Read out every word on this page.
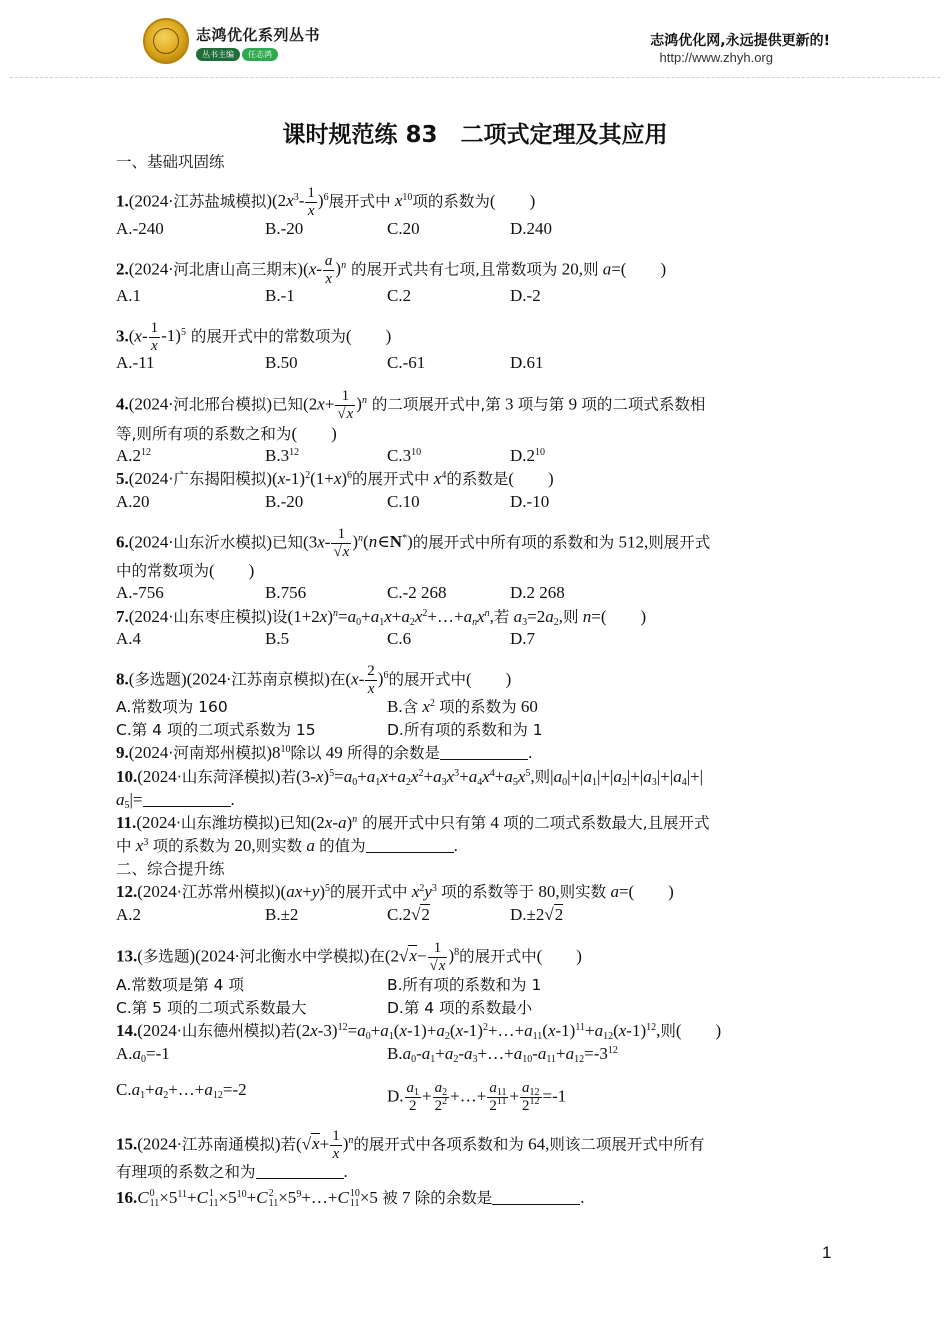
志鸿优化系列丛书
丛书主编 任志鸿
志鸿优化网,永远提供更新的!
http://www.zhyh.org
课时规范练 83　二项式定理及其应用
一、基础巩固练
1.(2024·江苏盐城模拟)$(2x^3- \frac{1}{x} )^6$展开式中 $x^{10}$项的系数为(　　)
A.-240	B.-20	C.20	D.240
2.(2024·河北唐山高三期末)$(x- \frac{a}{x} )^n$ 的展开式共有七项,且常数项为 20,则 a=(　　)
A.1	B.-1	C.2	D.-2
$3.(x- \frac{1}{x} -1)^5$ 的展开式中的常数项为(　　)
A.-11	B.50	C.-61	D.61
4.(2024·河北邢台模拟)已知$(2x+ \frac{1}{√x} )^n$ 的二项展开式中,第 3 项与第 9 项的二项式系数相
等,则所有项的系数之和为(　　)
$A.2^{12}$	$B.3^{12}$	$C.3^{10}$	$D.2^{10}$
5.(2024·广东揭阳模拟)$(x-1)^2(1+x)^6$的展开式中 $x^4$的系数是(　　)
A.20	B.-20	C.10	D.-10
6.(2024·山东沂水模拟)已知($3x- \frac{1}{√x}$ )$^n$(n∈N*)的展开式中所有项的系数和为 512,则展开式
中的常数项为(　　)
A.-756	B.756	C.-2 268	D.2 268
7.(2024·山东枣庄模拟)设$(1+2x)^n=a_0+a_1x+a_2x^2+\dots+a_nx^n$,若 $a_3=2a_2$,则 n=(　　)
A.4	B.5	C.6	D.7
8.(多选题)(2024·江苏南京模拟)在$(x- \frac{2}{x} )^6$的展开式中(　　)
A.常数项为 160	B.含 $x^2$ 项的系数为 60
C.第 4 项的二项式系数为 15	D.所有项的系数和为 1
9.(2024·河南郑州模拟)$8^{10}$除以 49 所得的余数是	.
10.(2024·山东菏泽模拟)若$(3-x)^5=a_0+a_1x+a_2x^2+a_3x^3+a_4x^4+a_5x^5$,则$|a_0|+|a_1|+|a_2|+|a_3|+|a_4|+|$
$a_5|=$	.
11.(2024·山东潍坊模拟)已知$(2x-a)^n$ 的展开式中只有第 4 项的二项式系数最大,且展开式
中 $x^3$ 项的系数为 20,则实数 a 的值为	.
二、综合提升练
12.(2024·江苏常州模拟)$(ax+y)^5$的展开式中 $x^2y^3$ 项的系数等于 80,则实数 a=(　　)
A.2	B.±2	C.2√2	D.±2√2
13.(多选题)(2024·河北衡水中学模拟)在$(2√x- \frac{1}{√x} )^8$的展开式中(　　)
A.常数项是第 4 项	B.所有项的系数和为 1
C.第 5 项的二项式系数最大	D.第 4 项的系数最小
14.(2024·山东德州模拟)若$(2x-3)^{12}=a_0+a_1(x-1)+a_2(x-1)^2+\dots+a_{11}(x-1)^{11}+a_{12}(x-1)^{12}$,则(　　)
$A.a_0=-1$	$B.a_0-a_1+a_2-a_3+\dots+a_{10}-a_{11}+a_{12}=-3^{12}$
$C.a_1+a_2+\dots+a_{12}=-2$	D. $\frac{a_1}{2} + \frac{a_2}{2^2}$ +…+ $\frac{a_{11}}{2^{11}} + \frac{a_{12}}{2^{12}} =-1$
15.(2024·江苏南通模拟)若$(√x+ \frac{1}{x} )^n$的展开式中各项系数和为 64,则该二项展开式中所有
有理项的系数之和为	.
16.C 0
$11 \times 5^{11}+C$ 1
$11 \times 5^{10}+C$ 2
$11 \times 5^9+\dots+C$ 10
11 ×5 被 7 除的余数是	.
1
